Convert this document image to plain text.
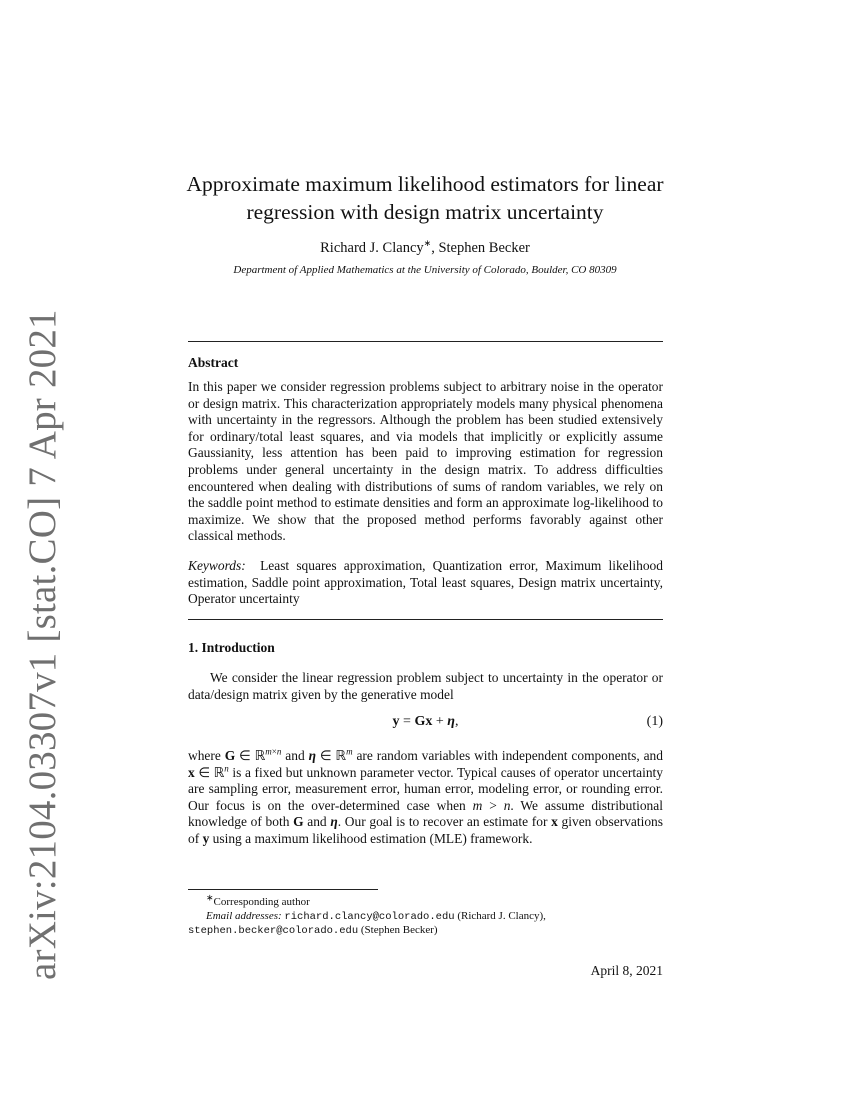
arXiv:2104.03307v1 [stat.CO] 7 Apr 2021
Approximate maximum likelihood estimators for linear
regression with design matrix uncertainty
Richard J. Clancy∗, Stephen Becker
Department of Applied Mathematics at the University of Colorado, Boulder, CO 80309
Abstract
In this paper we consider regression problems subject to arbitrary noise in the operator or design matrix. This characterization appropriately models many physical phenomena with uncertainty in the regressors. Although the problem has been studied extensively for ordinary/total least squares, and via models that implicitly or explicitly assume Gaussianity, less attention has been paid to improving estimation for regression problems under general uncertainty in the design matrix. To address difficulties encountered when dealing with distributions of sums of random variables, we rely on the saddle point method to estimate densities and form an approximate log-likelihood to maximize. We show that the proposed method performs favorably against other classical methods.
Keywords: Least squares approximation, Quantization error, Maximum likelihood estimation, Saddle point approximation, Total least squares, Design matrix uncertainty, Operator uncertainty
1. Introduction
We consider the linear regression problem subject to uncertainty in the operator or data/design matrix given by the generative model
y = Gx + η,	(1)
where G ∈ ℝ$^{m\times n}$ and η ∈ ℝ$^m$ are random variables with independent components, and x ∈ ℝ$^n$ is a fixed but unknown parameter vector. Typical causes of operator uncertainty are sampling error, measurement error, human error, modeling error, or rounding error. Our focus is on the over-determined case when m > n. We assume distributional knowledge of both G and η. Our goal is to recover an estimate for x given observations of y using a maximum likelihood estimation (MLE) framework.
∗Corresponding author
Email addresses: richard.clancy@colorado.edu (Richard J. Clancy),
stephen.becker@colorado.edu (Stephen Becker)
April 8, 2021
